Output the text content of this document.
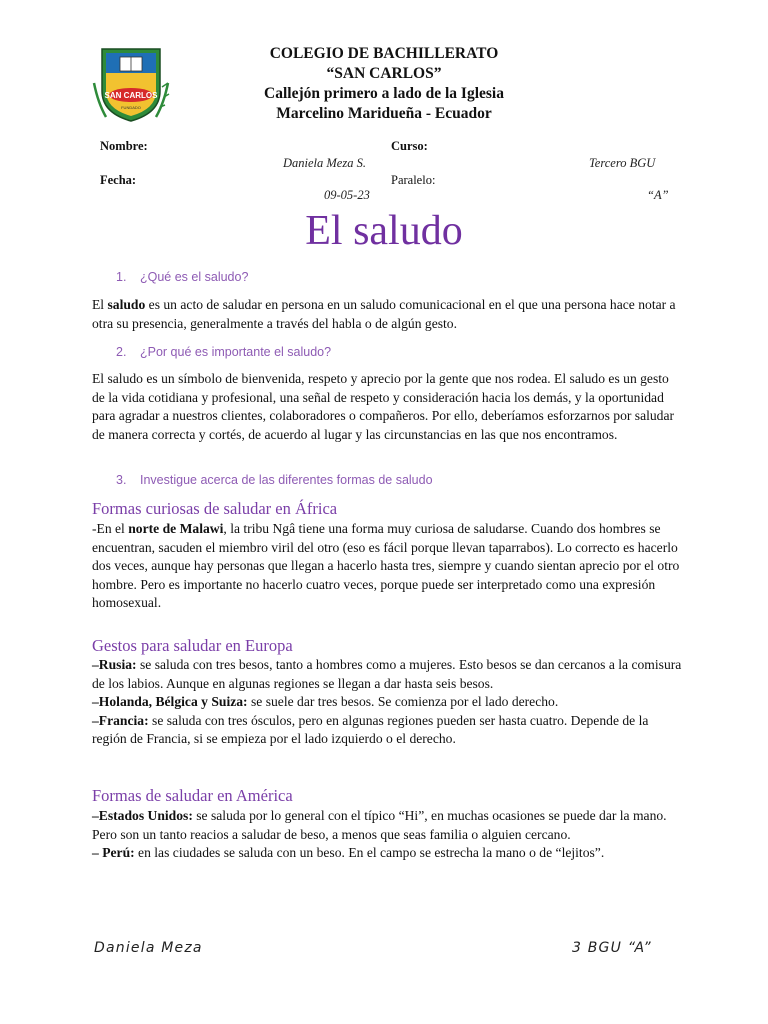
SAN CARLOS
FUNDADO
COLEGIO DE BACHILLERATO
“SAN CARLOS”
Callejón primero a lado de la Iglesia
Marcelino Maridueña - Ecuador
Nombre:
Daniela Meza S.
Curso:
Tercero BGU
Fecha:
09-05-23
Paralelo:
“A”
El saludo
1. ¿Qué es el saludo?
El saludo es un acto de saludar en persona en un saludo comunicacional en el que una persona hace notar a otra su presencia, generalmente a través del habla o de algún gesto.
2. ¿Por qué es importante el saludo?
El saludo es un símbolo de bienvenida, respeto y aprecio por la gente que nos rodea. El saludo es un gesto de la vida cotidiana y profesional, una señal de respeto y consideración hacia los demás, y la oportunidad para agradar a nuestros clientes, colaboradores o compañeros. Por ello, deberíamos esforzarnos por saludar de manera correcta y cortés, de acuerdo al lugar y las circunstancias en las que nos encontramos.
3. Investigue acerca de las diferentes formas de saludo
Formas curiosas de saludar en África
-En el norte de Malawi, la tribu Ngâ tiene una forma muy curiosa de saludarse. Cuando dos hombres se encuentran, sacuden el miembro viril del otro (eso es fácil porque llevan taparrabos). Lo correcto es hacerlo dos veces, aunque hay personas que llegan a hacerlo hasta tres, siempre y cuando sientan aprecio por el otro hombre. Pero es importante no hacerlo cuatro veces, porque puede ser interpretado como una expresión homosexual.
Gestos para saludar en Europa
–Rusia: se saluda con tres besos, tanto a hombres como a mujeres. Esto besos se dan cercanos a la comisura de los labios. Aunque en algunas regiones se llegan a dar hasta seis besos.
–Holanda, Bélgica y Suiza: se suele dar tres besos. Se comienza por el lado derecho.
–Francia: se saluda con tres ósculos, pero en algunas regiones pueden ser hasta cuatro. Depende de la región de Francia, si se empieza por el lado izquierdo o el derecho.
Formas de saludar en América
–Estados Unidos: se saluda por lo general con el típico “Hi”, en muchas ocasiones se puede dar la mano. Pero son un tanto reacios a saludar de beso, a menos que seas familia o alguien cercano.
– Perú: en las ciudades se saluda con un beso. En el campo se estrecha la mano o de “lejitos”.
Daniela Meza	3 BGU “A”
